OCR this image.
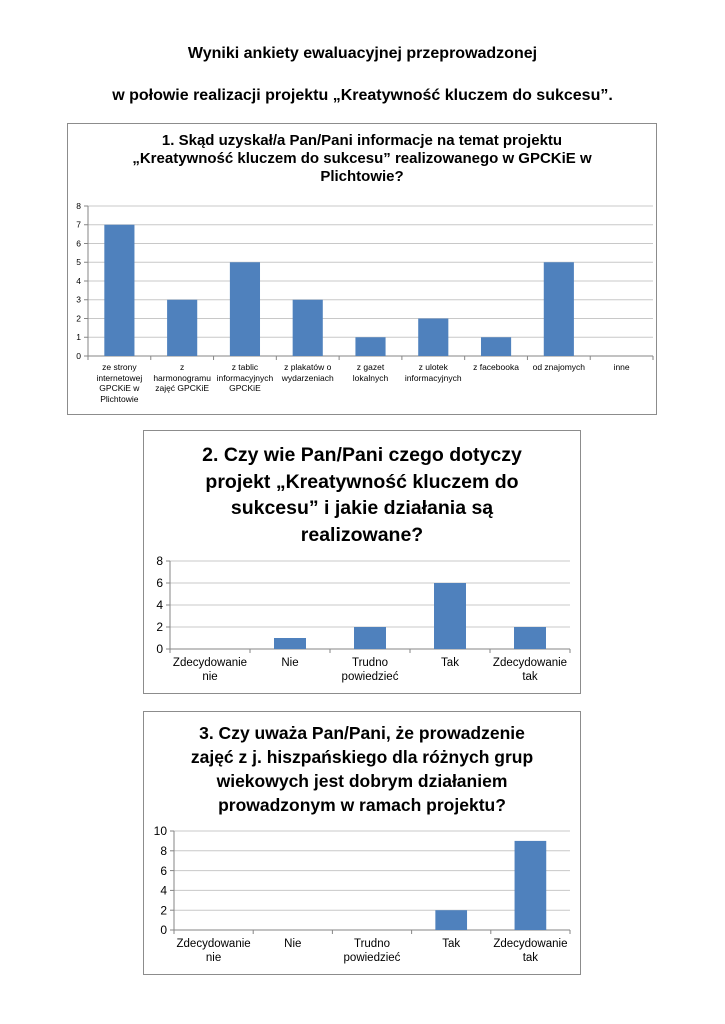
Wyniki ankiety ewaluacyjnej przeprowadzonej
w połowie realizacji projektu „Kreatywność kluczem do sukcesu”.
1. Skąd uzyskał/a Pan/Pani informacje na temat projektu
„Kreatywność kluczem do sukcesu” realizowanego w GPCKiE w
Plichtowie?
0
1
2
3
4
5
6
7
8
ze strony
internetowej
GPCKiE w
Plichtowie
z
harmonogramu
zajęć GPCKiE
z tablic
informacyjnych
GPCKiE
z plakatów o
wydarzeniach
z gazet
lokalnych
z ulotek
informacyjnych
z facebooka	od znajomych	inne
2. Czy wie Pan/Pani czego dotyczy
projekt „Kreatywność kluczem do
sukcesu” i jakie działania są
realizowane?
0
2
4
6
8
Zdecydowanie
nie
Nie	Trudno
powiedzieć
Tak	Zdecydowanie
tak
3. Czy uważa Pan/Pani, że prowadzenie
zajęć z j. hiszpańskiego dla różnych grup
wiekowych jest dobrym działaniem
prowadzonym w ramach projektu?
0
2
4
6
8
10
Zdecydowanie
nie
Nie	Trudno
powiedzieć
Tak	Zdecydowanie
tak
